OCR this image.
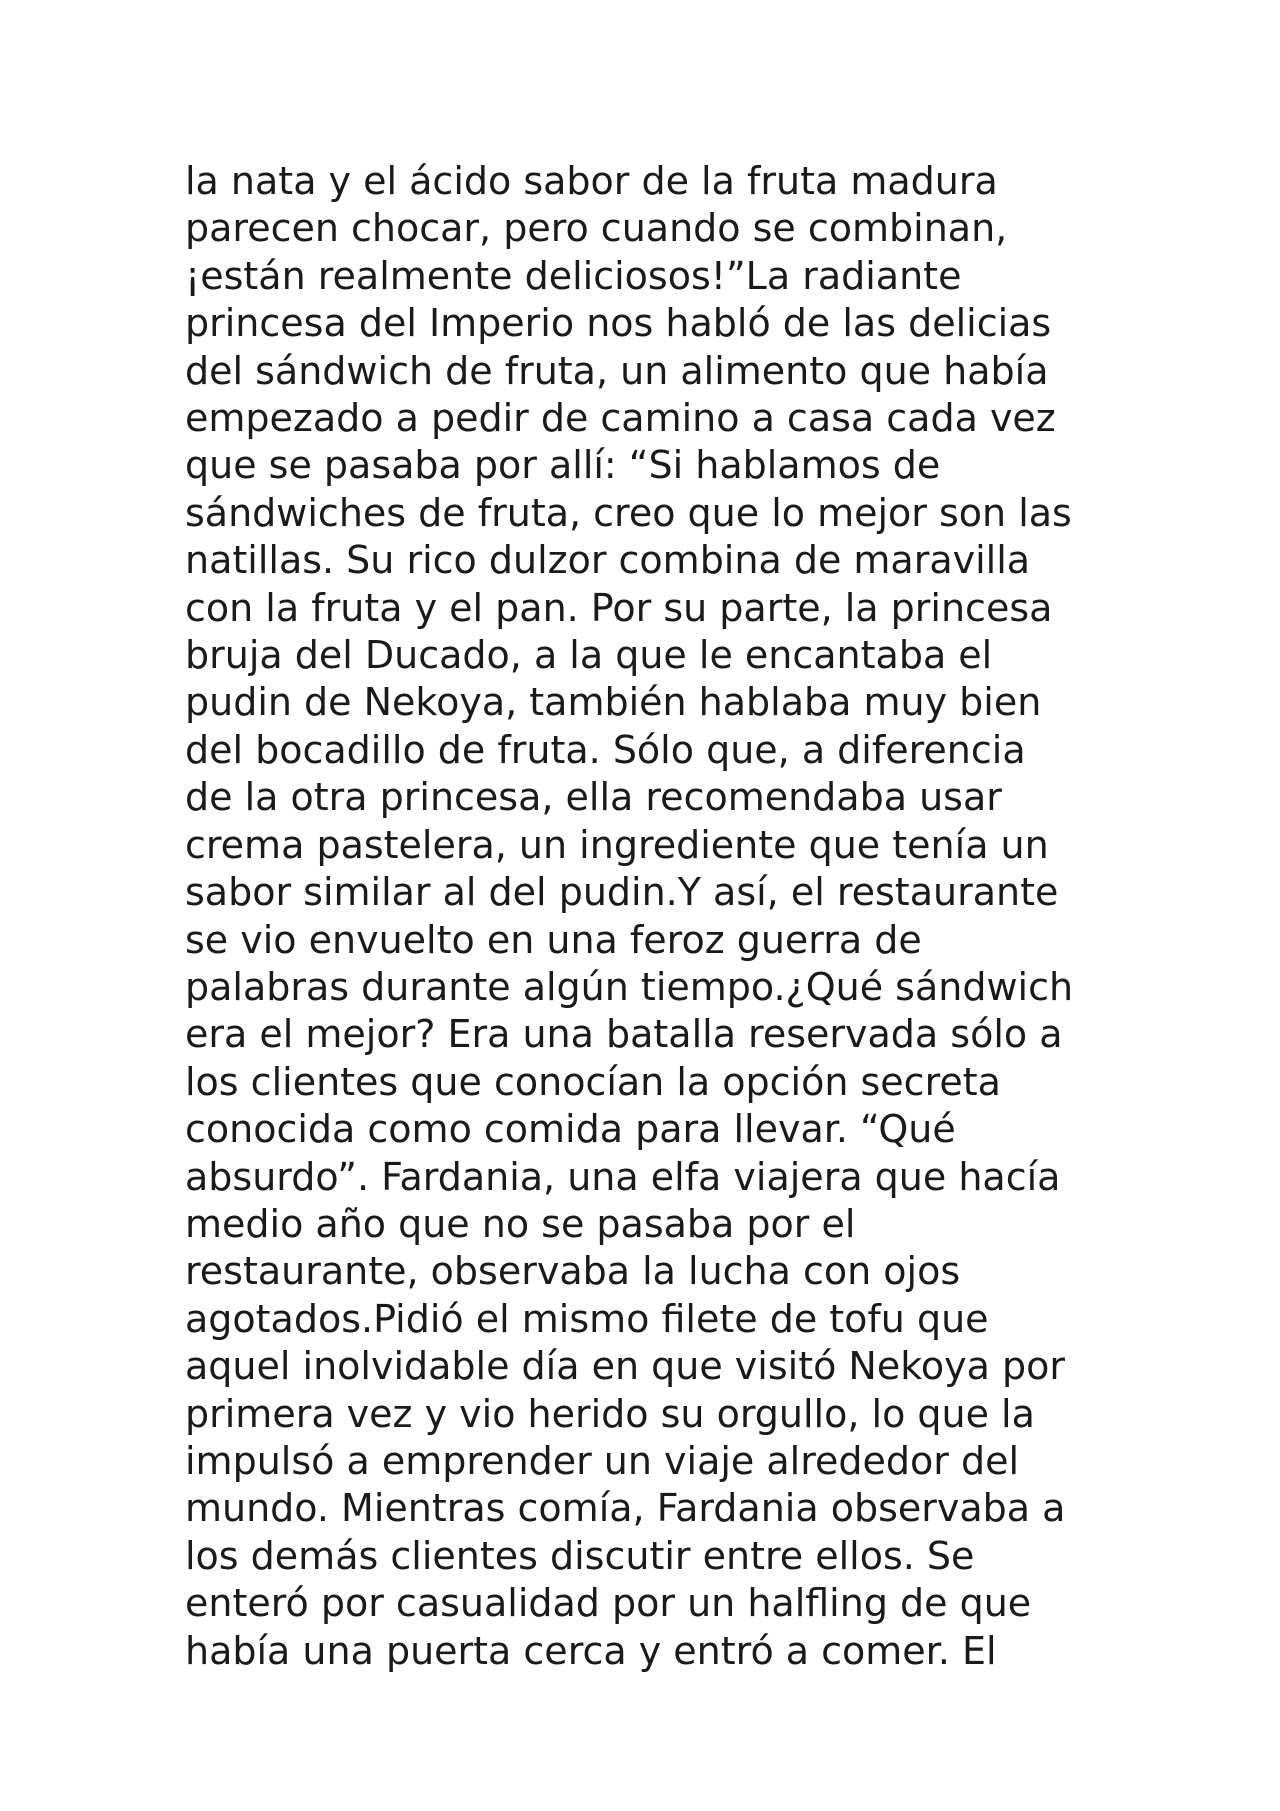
la nata y el ácido sabor de la fruta madura
parecen chocar, pero cuando se combinan,
¡están realmente deliciosos!”La radiante
princesa del Imperio nos habló de las delicias
del sándwich de fruta, un alimento que había
empezado a pedir de camino a casa cada vez
que se pasaba por allí: “Si hablamos de
sándwiches de fruta, creo que lo mejor son las
natillas. Su rico dulzor combina de maravilla
con la fruta y el pan. Por su parte, la princesa
bruja del Ducado, a la que le encantaba el
pudin de Nekoya, también hablaba muy bien
del bocadillo de fruta. Sólo que, a diferencia
de la otra princesa, ella recomendaba usar
crema pastelera, un ingrediente que tenía un
sabor similar al del pudin.Y así, el restaurante
se vio envuelto en una feroz guerra de
palabras durante algún tiempo.¿Qué sándwich
era el mejor? Era una batalla reservada sólo a
los clientes que conocían la opción secreta
conocida como comida para llevar. “Qué
absurdo”. Fardania, una elfa viajera que hacía
medio año que no se pasaba por el
restaurante, observaba la lucha con ojos
agotados.Pidió el mismo filete de tofu que
aquel inolvidable día en que visitó Nekoya por
primera vez y vio herido su orgullo, lo que la
impulsó a emprender un viaje alrededor del
mundo. Mientras comía, Fardania observaba a
los demás clientes discutir entre ellos. Se
enteró por casualidad por un halfling de que
había una puerta cerca y entró a comer. El
